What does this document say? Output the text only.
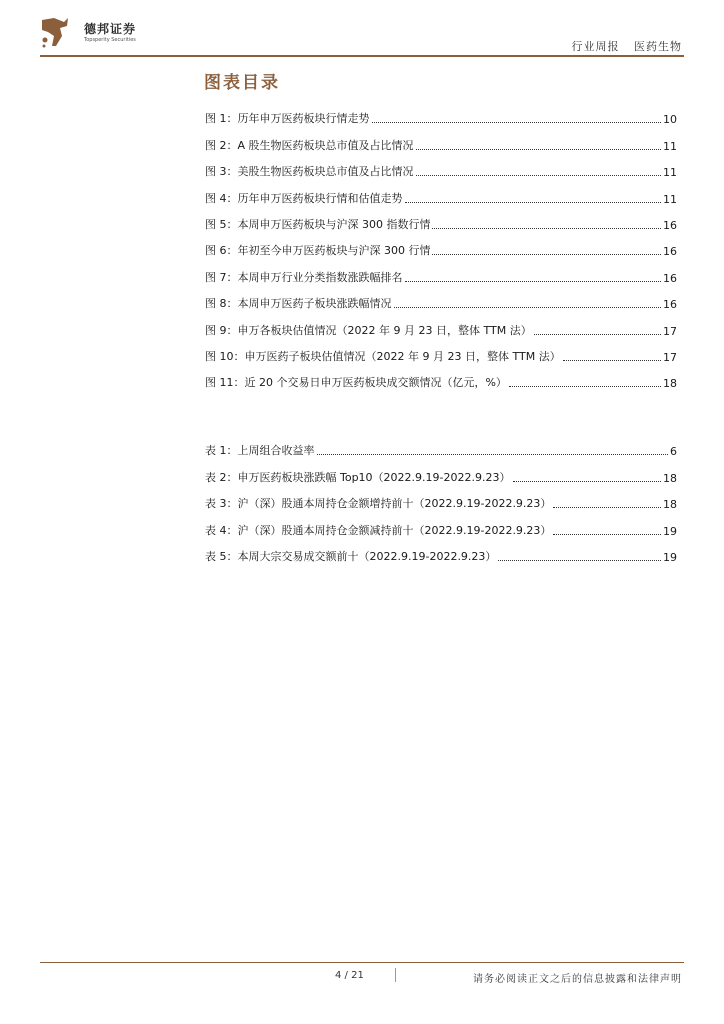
德邦证券
Topsperity Securities	行业周报 医药生物
图表目录
图 1：历年申万医药板块行情走势	10
图 2：A 股生物医药板块总市值及占比情况	11
图 3：美股生物医药板块总市值及占比情况	11
图 4：历年申万医药板块行情和估值走势	11
图 5：本周申万医药板块与沪深 300 指数行情	16
图 6：年初至今申万医药板块与沪深 300 行情	16
图 7：本周申万行业分类指数涨跌幅排名	16
图 8：本周申万医药子板块涨跌幅情况	16
图 9：申万各板块估值情况（2022 年 9 月 23 日，整体 TTM 法）	17
图 10：申万医药子板块估值情况（2022 年 9 月 23 日，整体 TTM 法）	17
图 11：近 20 个交易日申万医药板块成交额情况（亿元，%）	18
表 1：上周组合收益率	6
表 2：申万医药板块涨跌幅 Top10（2022.9.19-2022.9.23）	18
表 3：沪（深）股通本周持仓金额增持前十（2022.9.19-2022.9.23）	18
表 4：沪（深）股通本周持仓金额减持前十（2022.9.19-2022.9.23）	19
表 5：本周大宗交易成交额前十（2022.9.19-2022.9.23）	19
4 / 21	请务必阅读正文之后的信息披露和法律声明
